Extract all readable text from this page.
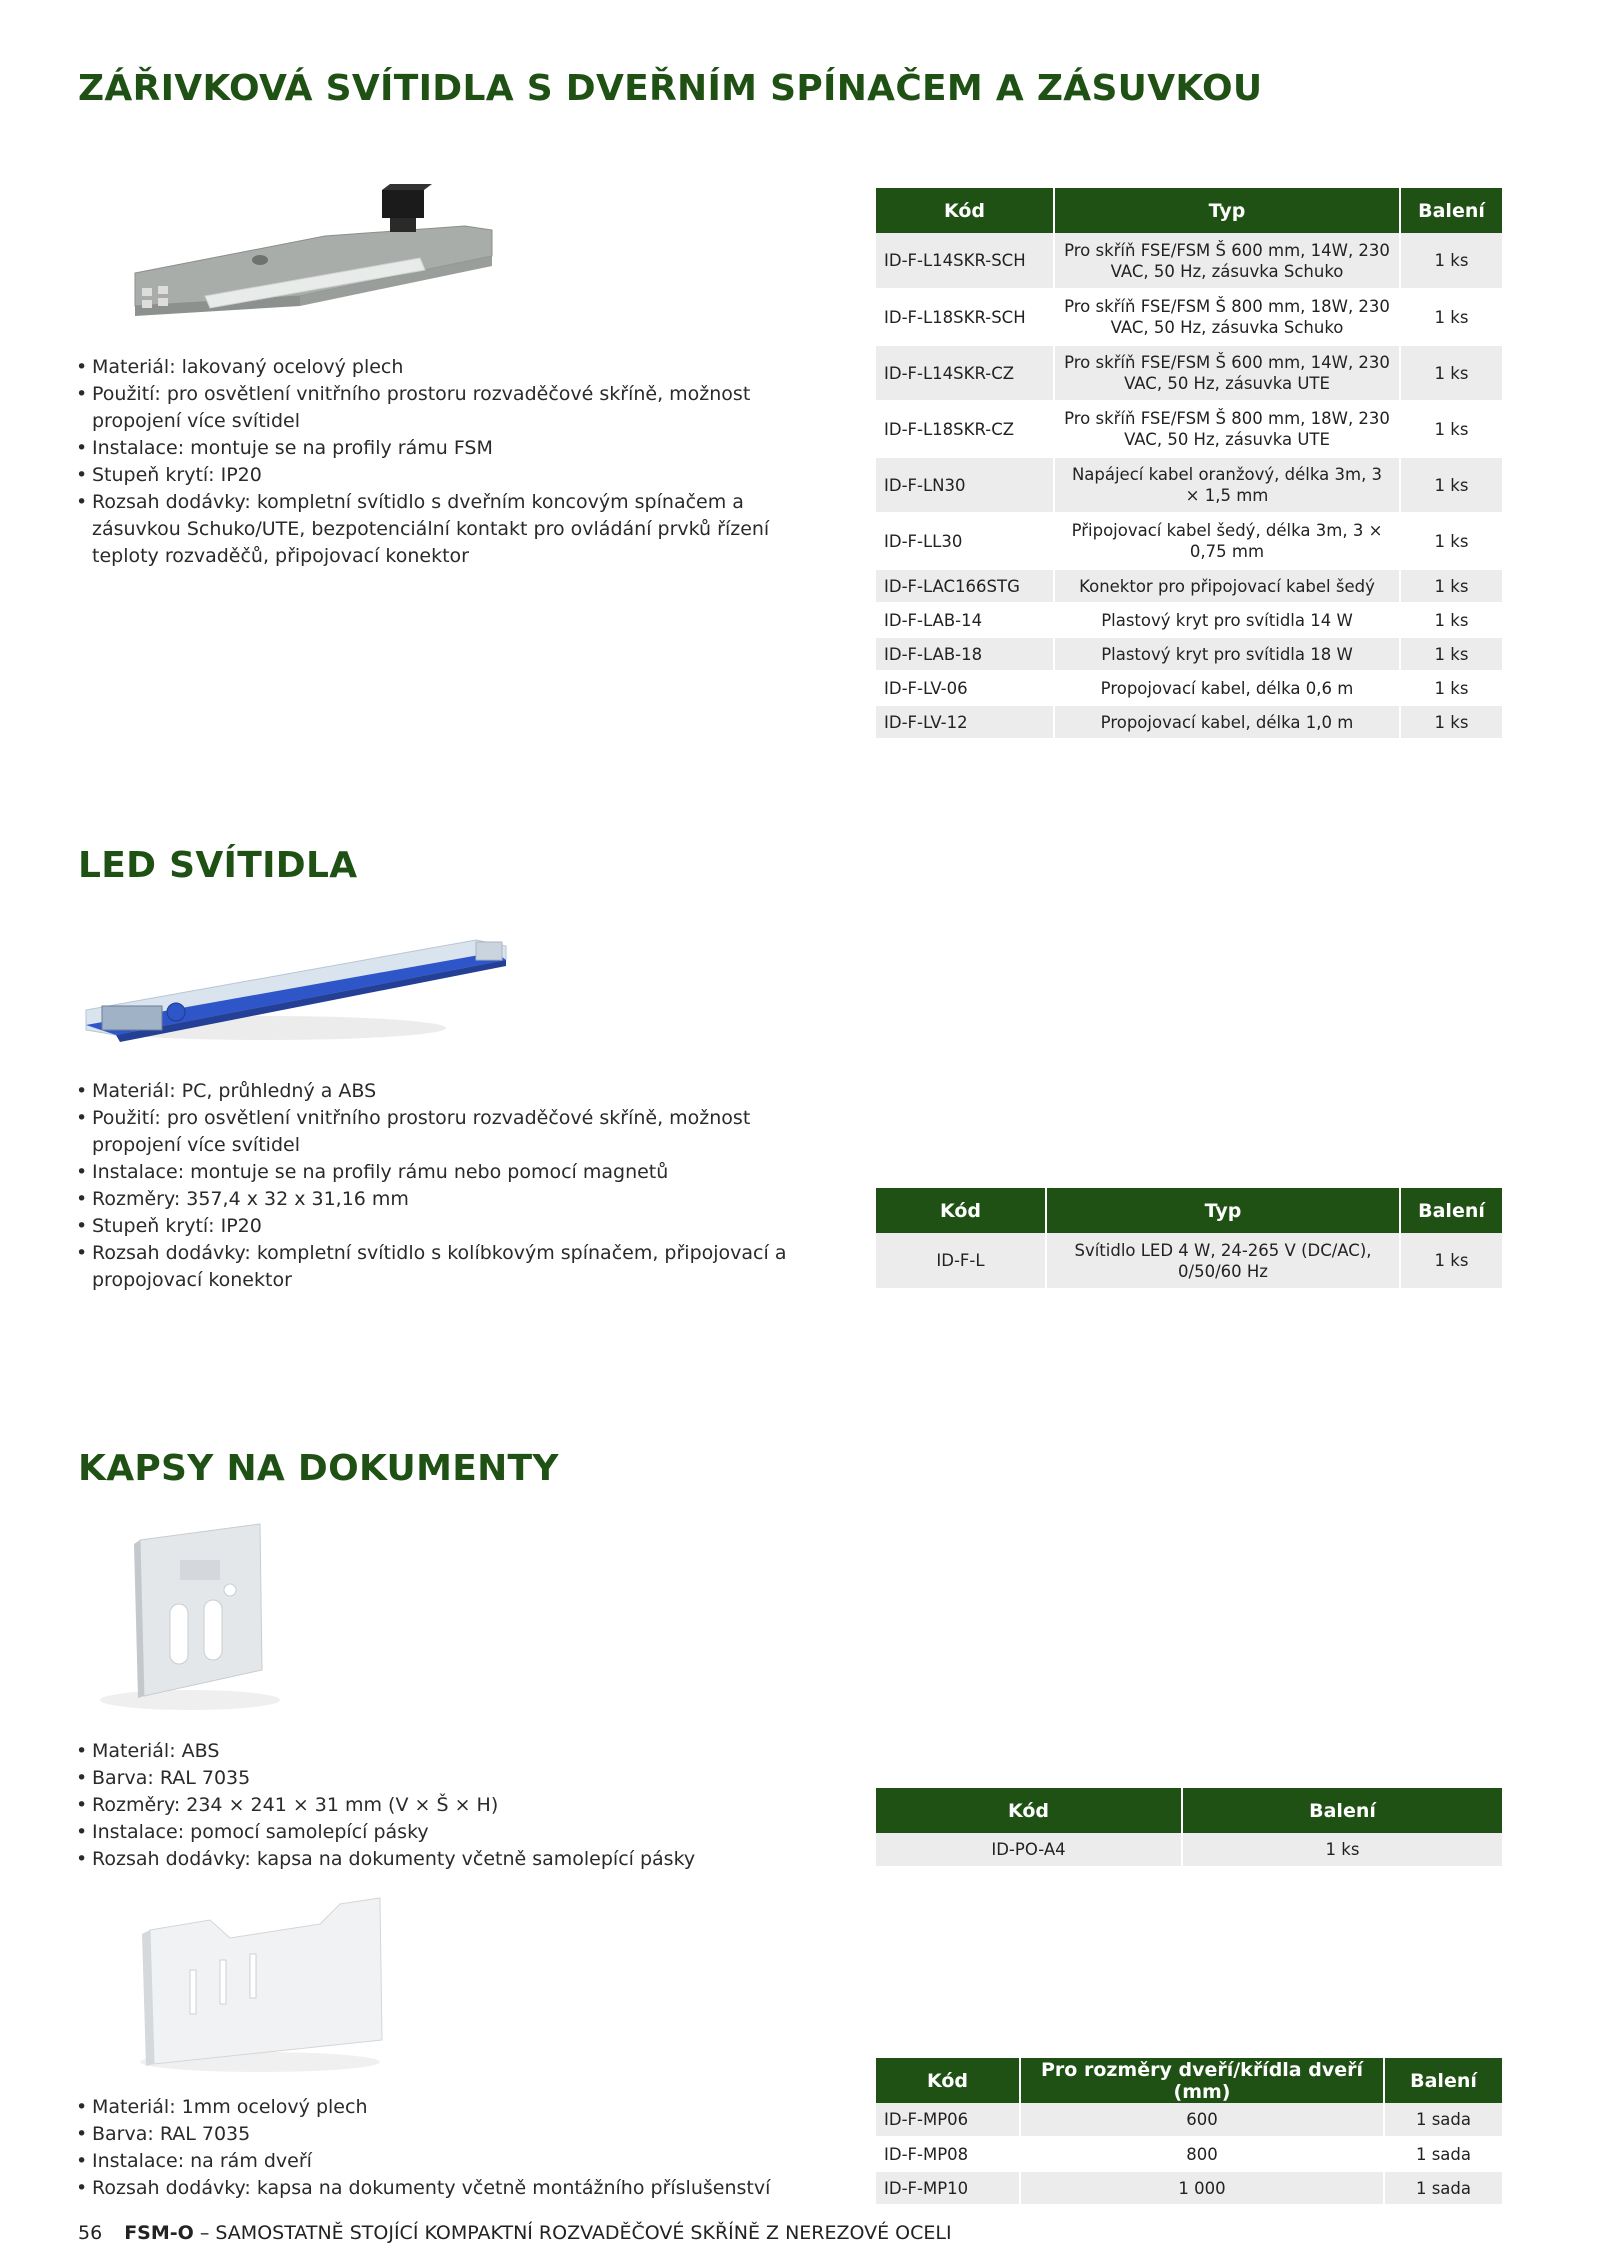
ZÁŘIVKOVÁ SVÍTIDLA S DVEŘNÍM SPÍNAČEM A ZÁSUVKOU
• Materiál: lakovaný ocelový plech
• Použití: pro osvětlení vnitřního prostoru rozvaděčové skříně, možnost propojení více svítidel
• Instalace: montuje se na profily rámu FSM
• Stupeň krytí: IP20
• Rozsah dodávky: kompletní svítidlo s dveřním koncovým spínačem a zásuvkou Schuko/UTE, bezpotenciální kontakt pro ovládání prvků řízení teploty rozvaděčů, připojovací konektor
Kód	Typ	Balení
ID-F-L14SKR-SCH	Pro skříň FSE/FSM Š 600 mm, 14W, 230 VAC, 50 Hz, zásuvka Schuko	1 ks
ID-F-L18SKR-SCH	Pro skříň FSE/FSM Š 800 mm, 18W, 230 VAC, 50 Hz, zásuvka Schuko	1 ks
ID-F-L14SKR-CZ	Pro skříň FSE/FSM Š 600 mm, 14W, 230 VAC, 50 Hz, zásuvka UTE	1 ks
ID-F-L18SKR-CZ	Pro skříň FSE/FSM Š 800 mm, 18W, 230 VAC, 50 Hz, zásuvka UTE	1 ks
ID-F-LN30	Napájecí kabel oranžový, délka 3m, 3 × 1,5 mm	1 ks
ID-F-LL30	Připojovací kabel šedý, délka 3m, 3 × 0,75 mm	1 ks
ID-F-LAC166STG	Konektor pro připojovací kabel šedý	1 ks
ID-F-LAB-14	Plastový kryt pro svítidla 14 W	1 ks
ID-F-LAB-18	Plastový kryt pro svítidla 18 W	1 ks
ID-F-LV-06	Propojovací kabel, délka 0,6 m	1 ks
ID-F-LV-12	Propojovací kabel, délka 1,0 m	1 ks
LED SVÍTIDLA
• Materiál: PC, průhledný a ABS
• Použití: pro osvětlení vnitřního prostoru rozvaděčové skříně, možnost propojení více svítidel
• Instalace: montuje se na profily rámu nebo pomocí magnetů
• Rozměry: 357,4 x 32 x 31,16 mm
• Stupeň krytí: IP20
• Rozsah dodávky: kompletní svítidlo s kolíbkovým spínačem, připojovací a propojovací konektor
Kód	Typ	Balení
ID-F-L	Svítidlo LED 4 W, 24-265 V (DC/AC), 0/50/60 Hz	1 ks
KAPSY NA DOKUMENTY
• Materiál: ABS
• Barva: RAL 7035
• Rozměry: 234 × 241 × 31 mm (V × Š × H)
• Instalace: pomocí samolepící pásky
• Rozsah dodávky: kapsa na dokumenty včetně samolepící pásky
Kód	Balení
ID-PO-A4	1 ks
• Materiál: 1mm ocelový plech
• Barva: RAL 7035
• Instalace: na rám dveří
• Rozsah dodávky: kapsa na dokumenty včetně montážního příslušenství
Kód	Pro rozměry dveří/křídla dveří (mm)	Balení
ID-F-MP06	600	1 sada
ID-F-MP08	800	1 sada
ID-F-MP10	1 000	1 sada
56 FSM-O – SAMOSTATNĚ STOJÍCÍ KOMPAKTNÍ ROZVADĚČOVÉ SKŘÍNĚ Z NEREZOVÉ OCELI
